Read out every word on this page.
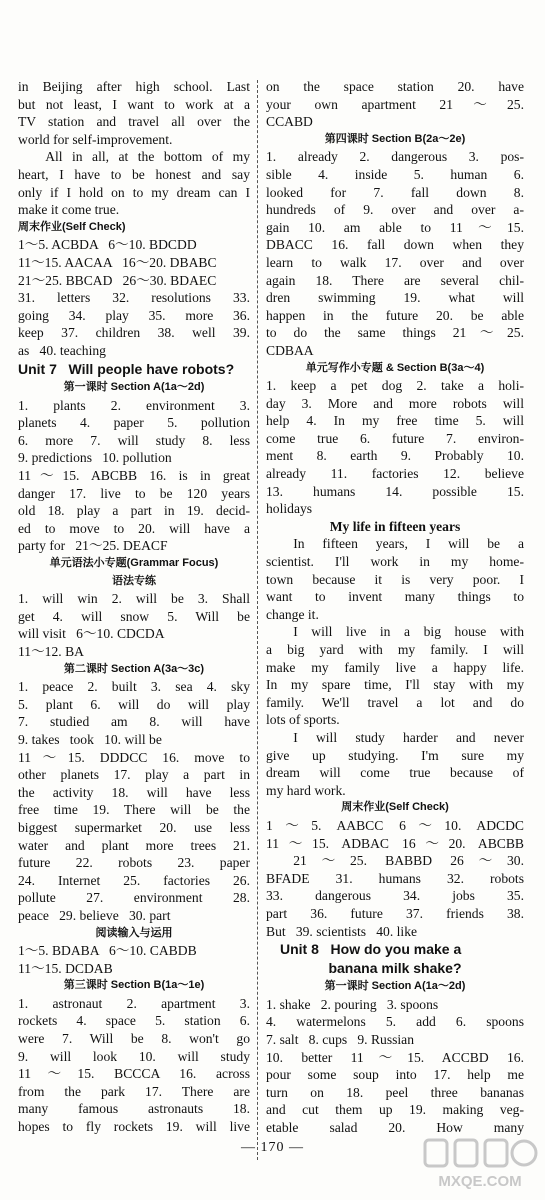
in Beijing after high school. Last
but not least, I want to work at a
TV station and travel all over the
world for self-improvement.
All in all, at the bottom of my
heart, I have to be honest and say
only if I hold on to my dream can I
make it come true.
周末作业(Self Check)
1～5. ACBDA   6～10. BDCDD
11～15. AACAA   16～20. DBABC
21～25. BBCAD   26～30. BDAEC
31. letters 32. resolutions 33.
going 34. play 35. more 36.
keep 37. children 38. well 39.
as   40. teaching
Unit 7   Will people have robots?
第一课时 Section A(1a～2d)
1. plants 2. environment 3.
planets 4. paper 5. pollution
6. more 7. will study 8. less
9. predictions   10. pollution
11～15. ABCBB 16. is in great
danger 17. live to be 120 years
old 18. play a part in 19. decid-
ed to move to 20. will have a
party for   21～25. DEACF
单元语法小专题(Grammar Focus)
语法专练
1. will win 2. will be 3. Shall
get 4. will snow 5. Will be
will visit   6～10. CDCDA
11～12. BA
第二课时 Section A(3a～3c)
1. peace 2. built 3. sea 4. sky
5. plant 6. will do will play
7. studied am 8. will have
9. takes   took   10. will be
11～15. DDDCC 16. move to
other planets 17. play a part in
the activity 18. will have less
free time 19. There will be the
biggest supermarket 20. use less
water and plant more trees 21.
future 22. robots 23. paper
24. Internet 25. factories 26.
pollute 27. environment 28.
peace   29. believe   30. part
阅读输入与运用
1～5. BDABA   6～10. CABDB
11～15. DCDAB
第三课时 Section B(1a～1e)
1. astronaut 2. apartment 3.
rockets 4. space 5. station 6.
were 7. Will be 8. won't go
9. will look 10. will study
11～15. BCCCA 16. across
from the park 17. There are
many famous astronauts 18.
hopes to fly rockets 19. will live
on the space station 20. have
your own apartment 21～25.
CCABD
第四课时 Section B(2a～2e)
1. already 2. dangerous 3. pos-
sible 4. inside 5. human 6.
looked for 7. fall down 8.
hundreds of 9. over and over a-
gain 10. am able to 11～15.
DBACC 16. fall down when they
learn to walk 17. over and over
again 18. There are several chil-
dren swimming 19. what will
happen in the future 20. be able
to do the same things 21～25.
CDBAA
单元写作小专题 & Section B(3a～4)
1. keep a pet dog 2. take a holi-
day 3. More and more robots will
help 4. In my free time 5. will
come true 6. future 7. environ-
ment 8. earth 9. Probably 10.
already 11. factories 12. believe
13. humans 14. possible 15.
holidays
My life in fifteen years
In fifteen years, I will be a
scientist. I'll work in my home-
town because it is very poor. I
want to invent many things to
change it.
I will live in a big house with
a big yard with my family. I will
make my family live a happy life.
In my spare time, I'll stay with my
family. We'll travel a lot and do
lots of sports.
I will study harder and never
give up studying. I'm sure my
dream will come true because of
my hard work.
周末作业(Self Check)
1～5. AABCC 6～10. ADCDC
11～15. ADBAC 16～20. ABCBB
21～25. BABBD 26～30.
BFADE 31. humans 32. robots
33. dangerous 34. jobs 35.
part 36. future 37. friends 38.
But   39. scientists   40. like
Unit 8   How do you make a
banana milk shake?
第一课时 Section A(1a～2d)
1. shake   2. pouring   3. spoons
4. watermelons 5. add 6. spoons
7. salt   8. cups   9. Russian
10. better 11～15. ACCBD 16.
pour some soup into 17. help me
turn on 18. peel three bananas
and cut them up 19. making veg-
etable salad 20. How many
— 170 —
MXQE.COM
